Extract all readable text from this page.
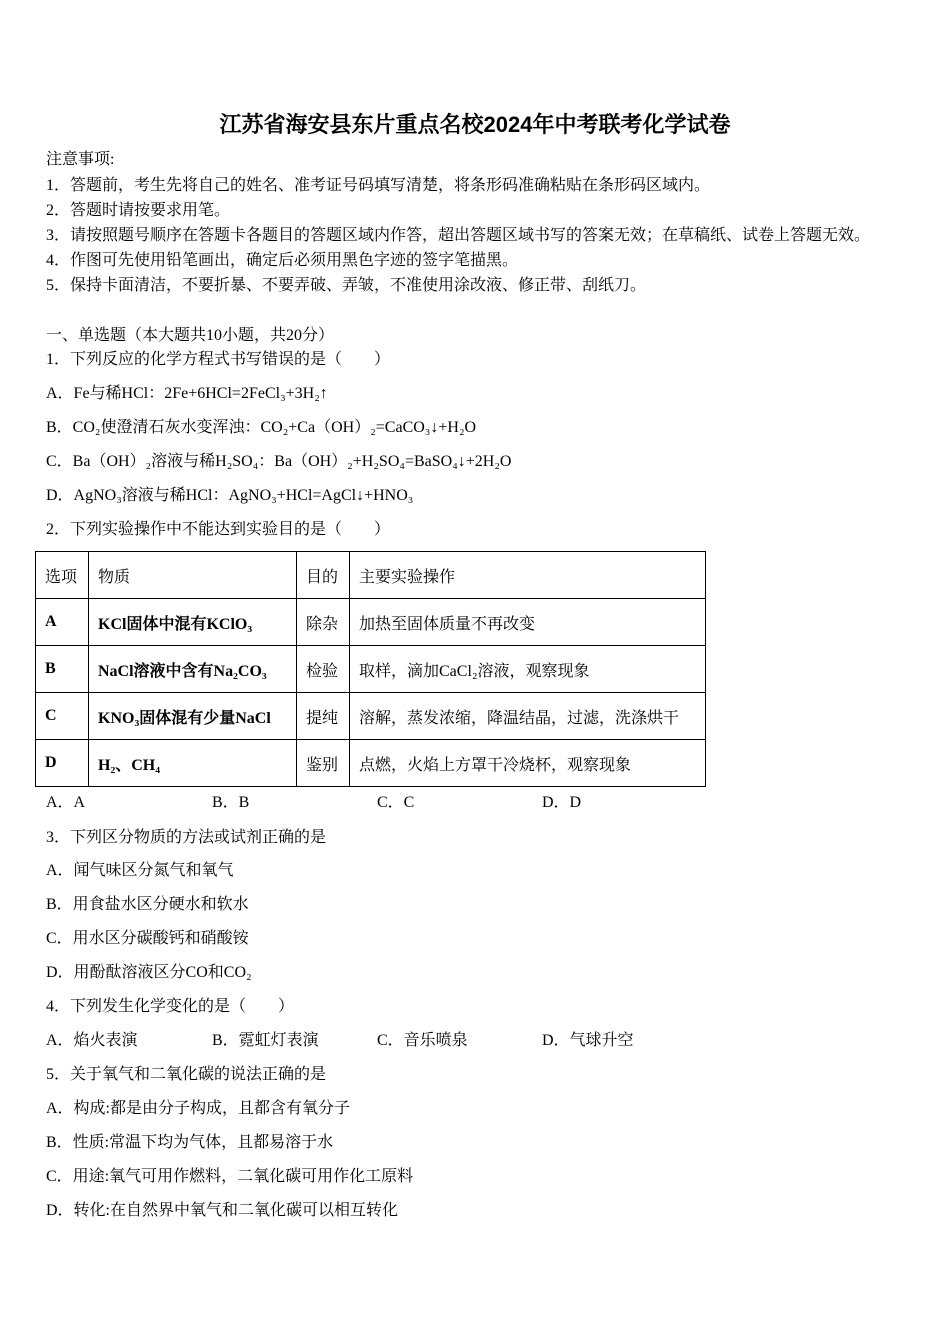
江苏省海安县东片重点名校2024年中考联考化学试卷
注意事项:
1．答题前，考生先将自己的姓名、准考证号码填写清楚，将条形码准确粘贴在条形码区域内。
2．答题时请按要求用笔。
3．请按照题号顺序在答题卡各题目的答题区域内作答，超出答题区域书写的答案无效；在草稿纸、试卷上答题无效。
4．作图可先使用铅笔画出，确定后必须用黑色字迹的签字笔描黑。
5．保持卡面清洁，不要折暴、不要弄破、弄皱，不准使用涂改液、修正带、刮纸刀。
一、单选题（本大题共10小题，共20分）
1．下列反应的化学方程式书写错误的是（　　）
A．Fe与稀HCl：2Fe+6HCl=2FeCl₃+3H₂↑
B．CO₂使澄清石灰水变浑浊：CO₂+Ca（OH）₂=CaCO₃↓+H₂O
C．Ba（OH）₂溶液与稀H₂SO₄：Ba（OH）₂+H₂SO₄=BaSO₄↓+2H₂O
D．AgNO₃溶液与稀HCl：AgNO₃+HCl=AgCl↓+HNO₃
2．下列实验操作中不能达到实验目的是（　　）
选项	物质	目的	主要实验操作
A	KCl固体中混有KClO₃	除杂	加热至固体质量不再改变
B	NaCl溶液中含有Na₂CO₃	检验	取样，滴加CaCl₂溶液，观察现象
C	KNO₃固体混有少量NaCl	提纯	溶解，蒸发浓缩，降温结晶，过滤，洗涤烘干
D	H₂、CH₄	鉴别	点燃，火焰上方罩干冷烧杯，观察现象
A．A	B．B	C．C	D．D
3．下列区分物质的方法或试剂正确的是
A．闻气味区分氮气和氧气
B．用食盐水区分硬水和软水
C．用水区分碳酸钙和硝酸铵
D．用酚酞溶液区分CO和CO₂
4．下列发生化学变化的是（　　）
A．焰火表演	B．霓虹灯表演	C．音乐喷泉	D．气球升空
5．关于氧气和二氧化碳的说法正确的是
A．构成:都是由分子构成，且都含有氧分子
B．性质:常温下均为气体，且都易溶于水
C．用途:氧气可用作燃料，二氧化碳可用作化工原料
D．转化:在自然界中氧气和二氧化碳可以相互转化
